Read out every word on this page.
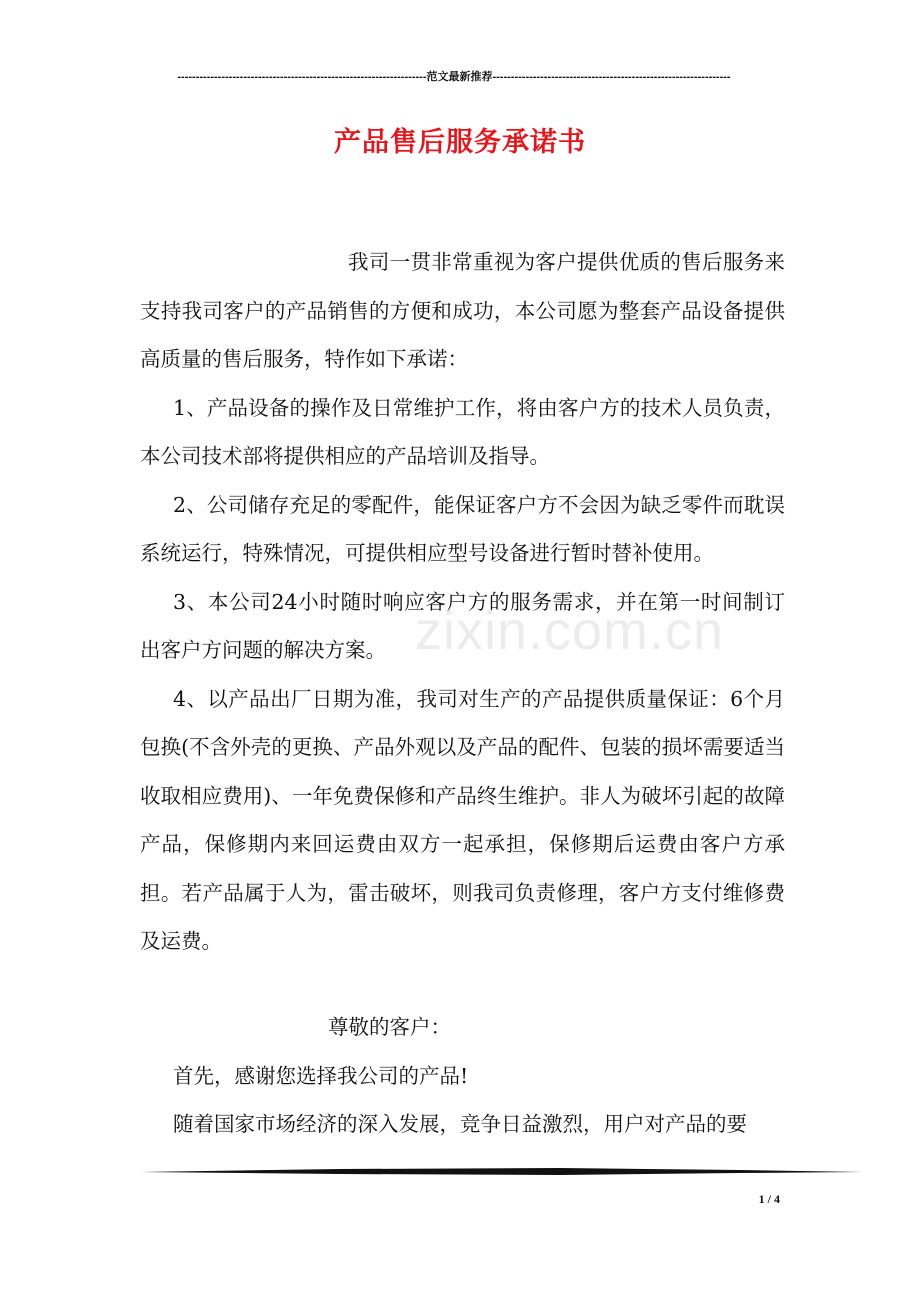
--------------------------------------------------------------------范文最新推荐-----------------------------------------------------------------
产品售后服务承诺书
zixin.com.cn

我司一贯非常重视为客户提供优质的售后服务来支持我司客户的产品销售的方便和成功，本公司愿为整套产品设备提供高质量的售后服务，特作如下承诺：

1、产品设备的操作及日常维护工作，将由客户方的技术人员负责，本公司技术部将提供相应的产品培训及指导。

2、公司储存充足的零配件，能保证客户方不会因为缺乏零件而耽误系统运行，特殊情况，可提供相应型号设备进行暂时替补使用。

3、本公司24小时随时响应客户方的服务需求，并在第一时间制订出客户方问题的解决方案。

4、以产品出厂日期为准，我司对生产的产品提供质量保证：6个月包换(不含外壳的更换、产品外观以及产品的配件、包装的损坏需要适当收取相应费用)、一年免费保修和产品终生维护。非人为破坏引起的故障产品，保修期内来回运费由双方一起承担，保修期后运费由客户方承担。若产品属于人为，雷击破坏，则我司负责修理，客户方支付维修费及运费。

尊敬的客户：

首先，感谢您选择我公司的产品!

随着国家市场经济的深入发展，竞争日益激烈，用户对产品的要

1 / 4
